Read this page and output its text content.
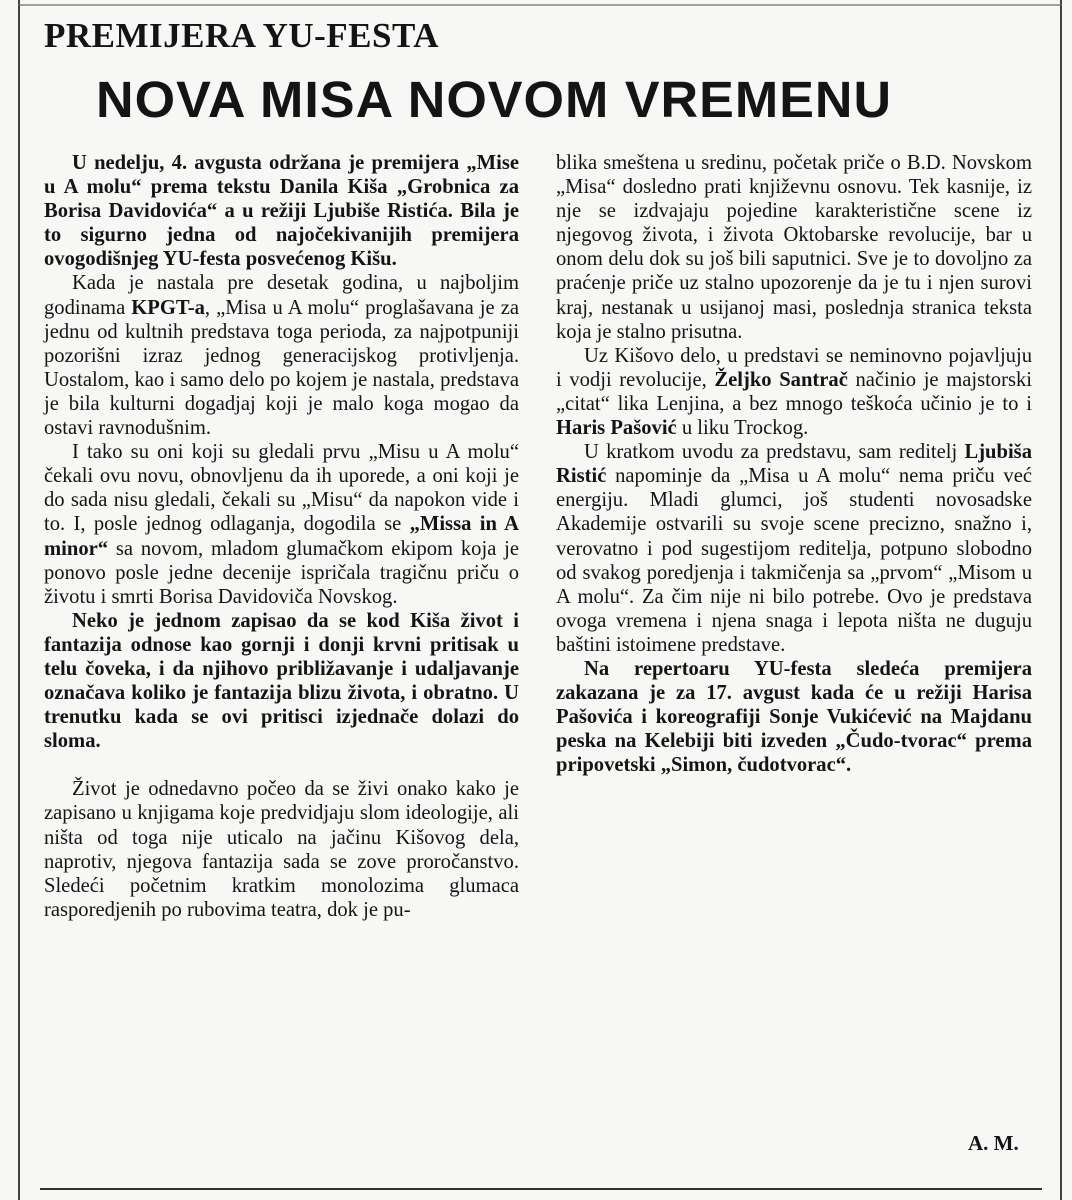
PREMIJERA YU-FESTA
NOVA MISA NOVOM VREMENU

U nedelju, 4. avgusta održana je premijera „Mise u A molu“ prema tekstu Danila Kiša „Grobnica za Borisa Davidovića“ a u režiji Ljubiše Ristića. Bila je to sigurno jedna od najočekivanijih premijera ovogodišnjeg YU-festa posvećenog Kišu.

Kada je nastala pre desetak godina, u najboljim godinama KPGT-a, „Misa u A molu“ proglašavana je za jednu od kultnih predstava toga perioda, za najpotpuniji pozorišni izraz jednog generacijskog protivljenja. Uostalom, kao i samo delo po kojem je nastala, predstava je bila kulturni dogadjaj koji je malo koga mogao da ostavi ravnodušnim.

I tako su oni koji su gledali prvu „Misu u A molu“ čekali ovu novu, obnovljenu da ih uporede, a oni koji je do sada nisu gledali, čekali su „Misu“ da napokon vide i to. I, posle jednog odlaganja, dogodila se „Missa in A minor“ sa novom, mladom glumačkom ekipom koja je ponovo posle jedne decenije ispričala tragičnu priču o životu i smrti Borisa Davidoviča Novskog.

Neko je jednom zapisao da se kod Kiša život i fantazija odnose kao gornji i donji krvni pritisak u telu čoveka, i da njihovo približavanje i udaljavanje označava koliko je fantazija blizu života, i obratno. U trenutku kada se ovi pritisci izjednače dolazi do sloma.

Život je odnedavno počeo da se živi onako kako je zapisano u knjigama koje predvidjaju slom ideologije, ali ništa od toga nije uticalo na jačinu Kišovog dela, naprotiv, njegova fantazija sada se zove proročanstvo. Sledeći početnim kratkim monolozima glumaca rasporedjenih po rubovima teatra, dok je pu-

blika smeštena u sredinu, početak priče o B.D. Novskom „Misa“ dosledno prati književnu osnovu. Tek kasnije, iz nje se izdvajaju pojedine karakteristične scene iz njegovog života, i života Oktobarske revolucije, bar u onom delu dok su još bili saputnici. Sve je to dovoljno za praćenje priče uz stalno upozorenje da je tu i njen surovi kraj, nestanak u usijanoj masi, poslednja stranica teksta koja je stalno prisutna.

Uz Kišovo delo, u predstavi se neminovno pojavljuju i vodji revolucije, Željko Santrač načinio je majstorski „citat“ lika Lenjina, a bez mnogo teškoća učinio je to i Haris Pašović u liku Trockog.

U kratkom uvodu za predstavu, sam reditelj Ljubiša Ristić napominje da „Misa u A molu“ nema priču već energiju. Mladi glumci, još studenti novosadske Akademije ostvarili su svoje scene precizno, snažno i, verovatno i pod sugestijom reditelja, potpuno slobodno od svakog poredjenja i takmičenja sa „prvom“ „Misom u A molu“. Za čim nije ni bilo potrebe. Ovo je predstava ovoga vremena i njena snaga i lepota ništa ne duguju baštini istoimene predstave.

Na repertoaru YU-festa sledeća premijera zakazana je za 17. avgust kada će u režiji Harisa Pašovića i koreografiji Sonje Vukićević na Majdanu peska na Kelebiji biti izveden „Čudo-tvorac“ prema pripovetski „Simon, čudotvorac“.

A. M.
